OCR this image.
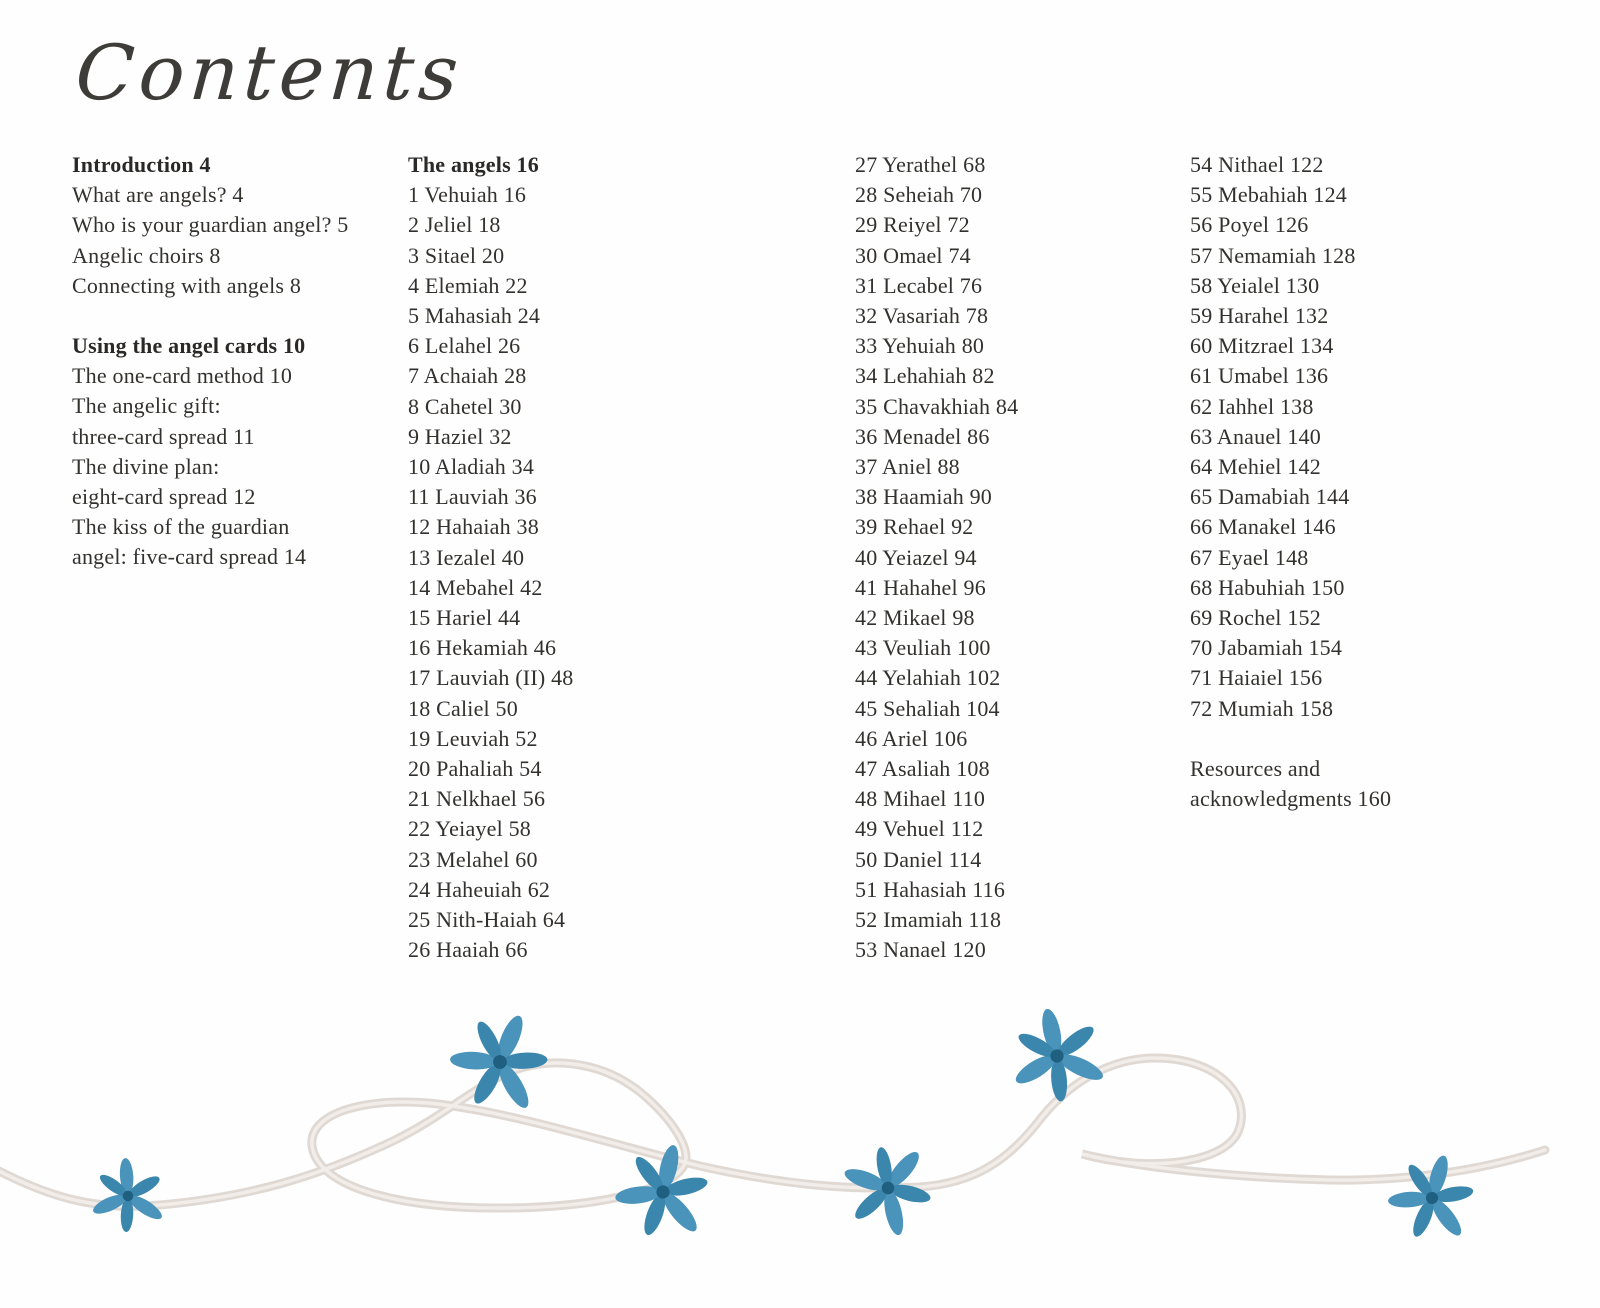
Contents
Introduction 4
What are angels? 4
Who is your guardian angel? 5
Angelic choirs 8
Connecting with angels 8
Using the angel cards 10
The one-card method 10
The angelic gift:
three-card spread 11
The divine plan:
eight-card spread 12
The kiss of the guardian
angel: five-card spread 14
The angels 16
1 Vehuiah 16
2 Jeliel 18
3 Sitael 20
4 Elemiah 22
5 Mahasiah 24
6 Lelahel 26
7 Achaiah 28
8 Cahetel 30
9 Haziel 32
10 Aladiah 34
11 Lauviah 36
12 Hahaiah 38
13 Iezalel 40
14 Mebahel 42
15 Hariel 44
16 Hekamiah 46
17 Lauviah (II) 48
18 Caliel 50
19 Leuviah 52
20 Pahaliah 54
21 Nelkhael 56
22 Yeiayel 58
23 Melahel 60
24 Haheuiah 62
25 Nith-Haiah 64
26 Haaiah 66
27 Yerathel 68
28 Seheiah 70
29 Reiyel 72
30 Omael 74
31 Lecabel 76
32 Vasariah 78
33 Yehuiah 80
34 Lehahiah 82
35 Chavakhiah 84
36 Menadel 86
37 Aniel 88
38 Haamiah 90
39 Rehael 92
40 Yeiazel 94
41 Hahahel 96
42 Mikael 98
43 Veuliah 100
44 Yelahiah 102
45 Sehaliah 104
46 Ariel 106
47 Asaliah 108
48 Mihael 110
49 Vehuel 112
50 Daniel 114
51 Hahasiah 116
52 Imamiah 118
53 Nanael 120
54 Nithael 122
55 Mebahiah 124
56 Poyel 126
57 Nemamiah 128
58 Yeialel 130
59 Harahel 132
60 Mitzrael 134
61 Umabel 136
62 Iahhel 138
63 Anauel 140
64 Mehiel 142
65 Damabiah 144
66 Manakel 146
67 Eyael 148
68 Habuhiah 150
69 Rochel 152
70 Jabamiah 154
71 Haiaiel 156
72 Mumiah 158
Resources and
acknowledgments 160
